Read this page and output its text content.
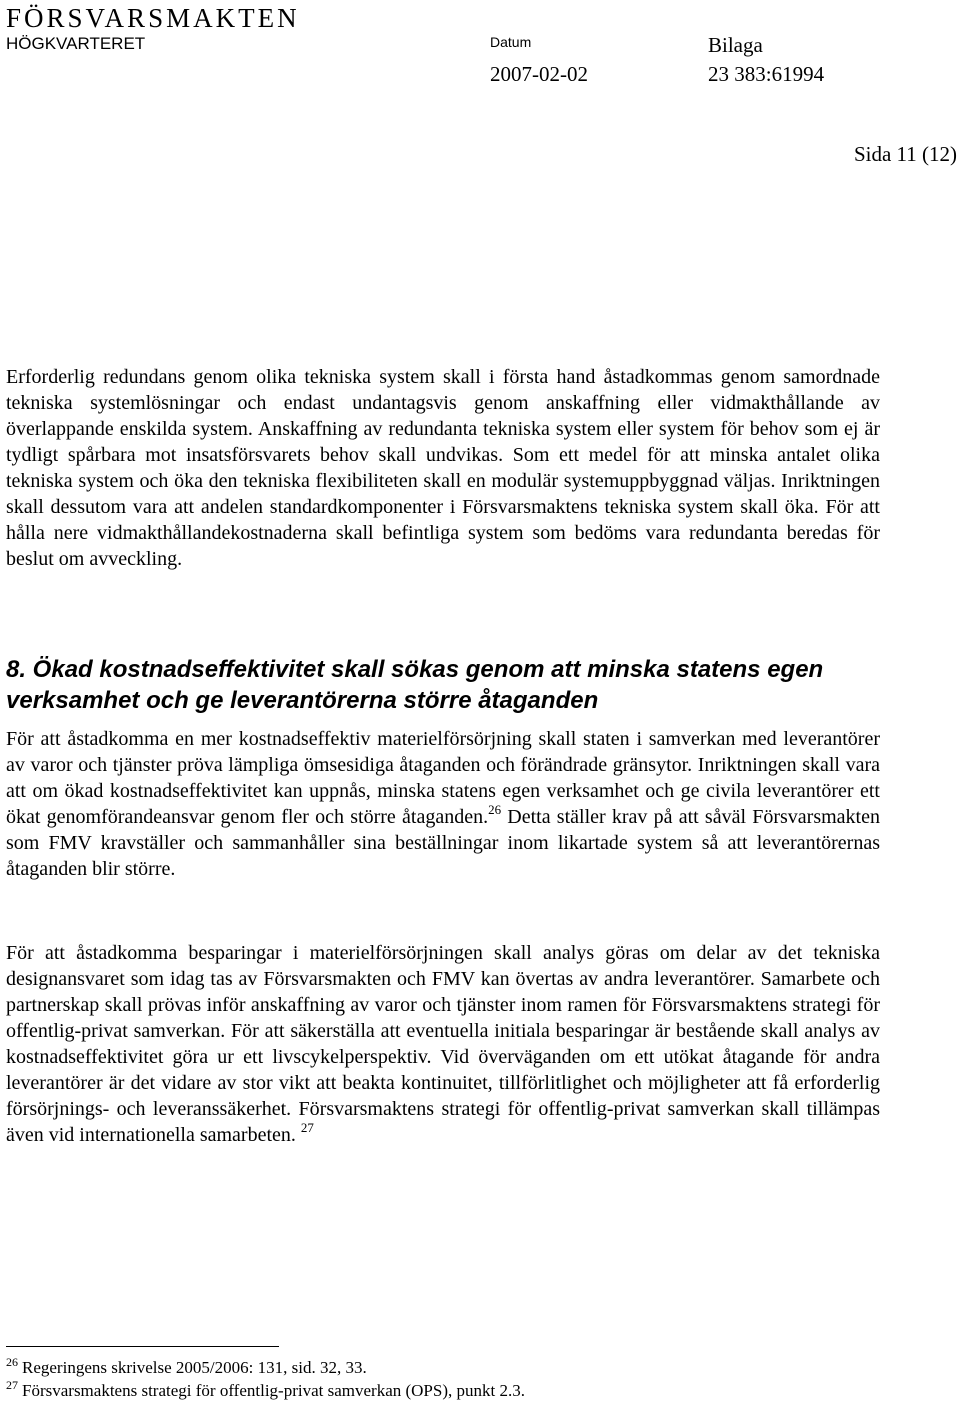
FÖRSVARSMAKTEN
HÖGKVARTERET	Datum	Bilaga
2007-02-02	23 383:61994
Sida 11 (12)

Erforderlig redundans genom olika tekniska system skall i första hand åstadkommas genom samordnade tekniska systemlösningar och endast undantagsvis genom anskaffning eller vidmakthållande av överlappande enskilda system. Anskaffning av redundanta tekniska system eller system för behov som ej är tydligt spårbara mot insatsförsvarets behov skall undvikas. Som ett medel för att minska antalet olika tekniska system och öka den tekniska flexibiliteten skall en modulär systemuppbyggnad väljas. Inriktningen skall dessutom vara att andelen standardkomponenter i Försvarsmaktens tekniska system skall öka. För att hålla nere vidmakthållandekostnaderna skall befintliga system som bedöms vara redundanta beredas för beslut om avveckling.

8. Ökad kostnadseffektivitet skall sökas genom att minska statens egen verksamhet och ge leverantörerna större åtaganden

För att åstadkomma en mer kostnadseffektiv materielförsörjning skall staten i samverkan med leverantörer av varor och tjänster pröva lämpliga ömsesidiga åtaganden och förändrade gränsytor. Inriktningen skall vara att om ökad kostnadseffektivitet kan uppnås, minska statens egen verksamhet och ge civila leverantörer ett ökat genomförandeansvar genom fler och större åtaganden.$^{26}$ Detta ställer krav på att såväl Försvarsmakten som FMV kravställer och sammanhåller sina beställningar inom likartade system så att leverantörernas åtaganden blir större.

För att åstadkomma besparingar i materielförsörjningen skall analys göras om delar av det tekniska designansvaret som idag tas av Försvarsmakten och FMV kan övertas av andra leverantörer. Samarbete och partnerskap skall prövas inför anskaffning av varor och tjänster inom ramen för Försvarsmaktens strategi för offentlig-privat samverkan. För att säkerställa att eventuella initiala besparingar är bestående skall analys av kostnadseffektivitet göra ur ett livscykelperspektiv. Vid överväganden om ett utökat åtagande för andra leverantörer är det vidare av stor vikt att beakta kontinuitet, tillförlitlighet och möjligheter att få erforderlig försörjnings- och leveranssäkerhet. Försvarsmaktens strategi för offentlig-privat samverkan skall tillämpas även vid internationella samarbeten. $^{27}$

$^{26}$ Regeringens skrivelse 2005/2006: 131, sid. 32, 33.
$^{27}$ Försvarsmaktens strategi för offentlig-privat samverkan (OPS), punkt 2.3.
